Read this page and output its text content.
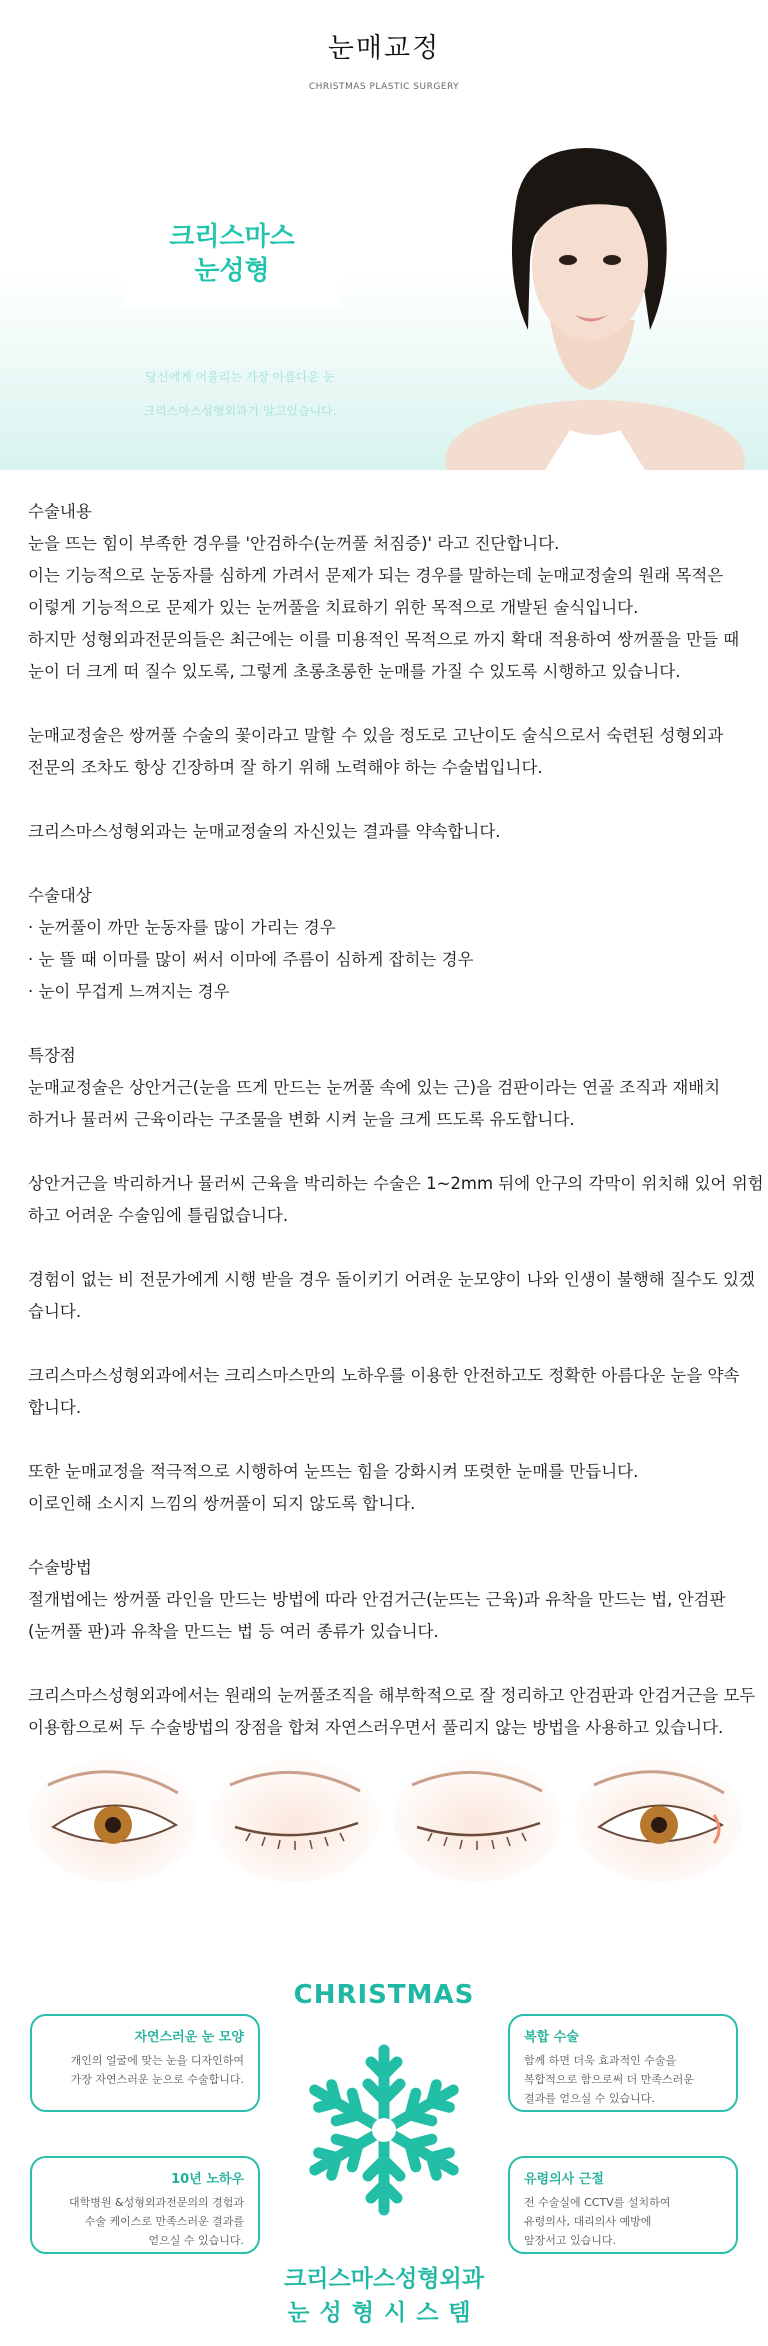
눈매교정
CHRISTMAS PLASTIC SURGERY
크리스마스
눈성형
당신에게 어울리는 가장 아름다운 눈
크리스마스성형외과가 알고있습니다.

수술내용

눈을 뜨는 힘이 부족한 경우를 '안검하수(눈꺼풀 처짐증)' 라고 진단합니다.

이는 기능적으로 눈동자를 심하게 가려서 문제가 되는 경우를 말하는데 눈매교정술의 원래 목적은

이렇게 기능적으로 문제가 있는 눈꺼풀을 치료하기 위한 목적으로 개발된 술식입니다.

하지만 성형외과전문의들은 최근에는 이를 미용적인 목적으로 까지 확대 적용하여 쌍꺼풀을 만들 때

눈이 더 크게 떠 질수 있도록, 그렇게 초롱초롱한 눈매를 가질 수 있도록 시행하고 있습니다.

눈매교정술은 쌍꺼풀 수술의 꽃이라고 말할 수 있을 정도로 고난이도 술식으로서 숙련된 성형외과

전문의 조차도 항상 긴장하며 잘 하기 위해 노력해야 하는 수술법입니다.

크리스마스성형외과는 눈매교정술의 자신있는 결과를 약속합니다.

수술대상

· 눈꺼풀이 까만 눈동자를 많이 가리는 경우

· 눈 뜰 때 이마를 많이 써서 이마에 주름이 심하게 잡히는 경우

· 눈이 무겁게 느껴지는 경우

특장점

눈매교정술은 상안거근(눈을 뜨게 만드는 눈꺼풀 속에 있는 근)을 검판이라는 연골 조직과 재배치

하거나 뮬러씨 근육이라는 구조물을 변화 시켜 눈을 크게 뜨도록 유도합니다.

상안거근을 박리하거나 뮬러씨 근육을 박리하는 수술은 1~2mm 뒤에 안구의 각막이 위치해 있어 위험

하고 어려운 수술임에 틀림없습니다.

경험이 없는 비 전문가에게 시행 받을 경우 돌이키기 어려운 눈모양이 나와 인생이 불행해 질수도 있겠

습니다.

크리스마스성형외과에서는 크리스마스만의 노하우를 이용한 안전하고도 정확한 아름다운 눈을 약속

합니다.

또한 눈매교정을 적극적으로 시행하여 눈뜨는 힘을 강화시켜 또렷한 눈매를 만듭니다.

이로인해 소시지 느낌의 쌍꺼풀이 되지 않도록 합니다.

수술방법

절개법에는 쌍꺼풀 라인을 만드는 방법에 따라 안검거근(눈뜨는 근육)과 유착을 만드는 법, 안검판

(눈꺼풀 판)과 유착을 만드는 법 등 여러 종류가 있습니다.

크리스마스성형외과에서는 원래의 눈꺼풀조직을 해부학적으로 잘 정리하고 안검판과 안검거근을 모두

이용함으로써 두 수술방법의 장점을 합쳐 자연스러우면서 풀리지 않는 방법을 사용하고 있습니다.

CHRISTMAS
자연스러운 눈 모양
개인의 얼굴에 맞는 눈을 디자인하여
가장 자연스러운 눈으로 수술합니다.
복합 수술
함께 하면 더욱 효과적인 수술을
복합적으로 함으로써 더 만족스러운
결과를 얻으실 수 있습니다.
10년 노하우
대학병원 &성형외과전문의의 경험과
수술 케이스로 만족스러운 결과를
얻으실 수 있습니다.
유령의사 근절
전 수술실에 CCTV를 설치하여
유령의사, 대리의사 예방에
앞장서고 있습니다.
크리스마스성형외과
눈성형시스템
